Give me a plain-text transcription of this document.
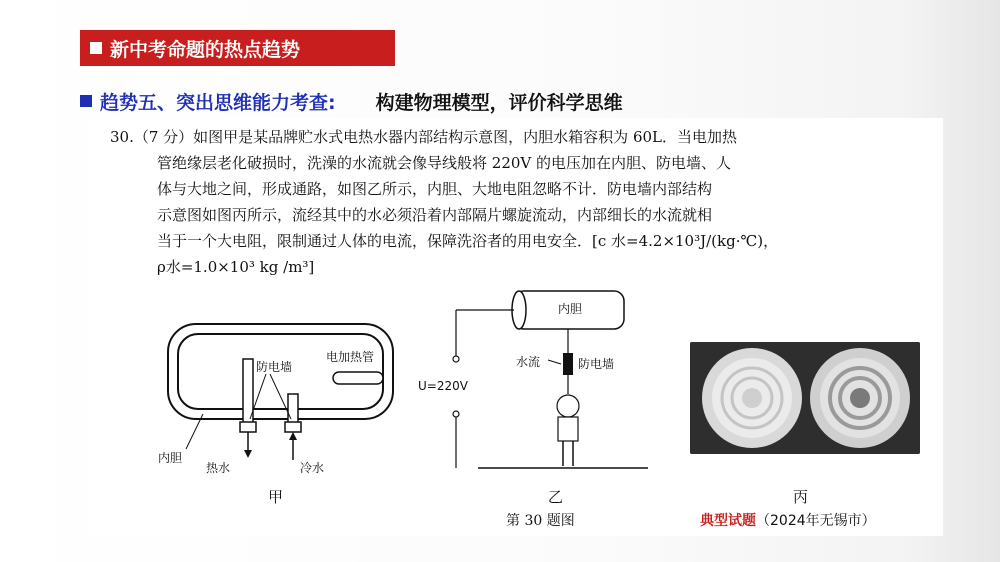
新中考命题的热点趋势
趋势五、突出思维能力考查: 构建物理模型，评价科学思维

30.（7 分）如图甲是某品牌贮水式电热水器内部结构示意图，内胆水箱容积为 60L．当电加热

管绝缘层老化破损时，洗澡的水流就会像导线般将 220V 的电压加在内胆、防电墙、人

体与大地之间，形成通路，如图乙所示，内胆、大地电阻忽略不计．防电墙内部结构

示意图如图丙所示，流经其中的水必须沿着内部隔片螺旋流动，内部细长的水流就相

当于一个大电阻，限制通过人体的电流，保障洗浴者的用电安全．[c 水=4.2×10³J/(kg·℃)，

ρ水=1.0×10³ kg /m³]

防电墙
电加热管
内胆
热水	冷水
甲
内胆
水流	防电墙
U=220V
乙	丙
第 30 题图	典型试题（2024年无锡市）
